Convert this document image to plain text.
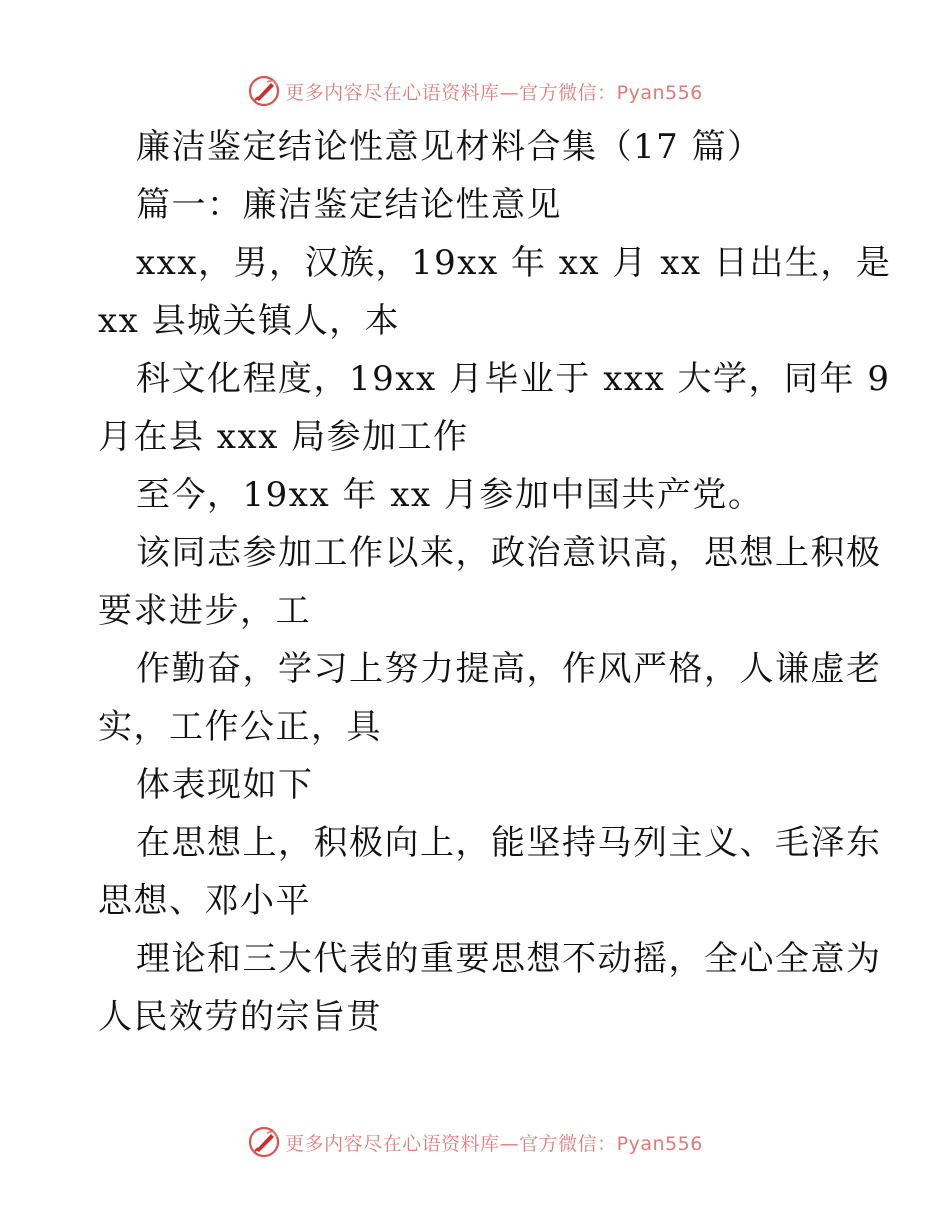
更多内容尽在心语资料库—官方微信：Pyan556
廉洁鉴定结论性意见材料合集（17 篇）
篇一：廉洁鉴定结论性意见
xxx，男，汉族，19xx 年 xx 月 xx 日出生，是
xx 县城关镇人，本
科文化程度，19xx 月毕业于 xxx 大学，同年 9
月在县 xxx 局参加工作
至今，19xx 年 xx 月参加中国共产党。
该同志参加工作以来，政治意识高，思想上积极
要求进步，工
作勤奋，学习上努力提高，作风严格，人谦虚老
实，工作公正，具
体表现如下
在思想上，积极向上，能坚持马列主义、毛泽东
思想、邓小平
理论和三大代表的重要思想不动摇，全心全意为
人民效劳的宗旨贯
更多内容尽在心语资料库—官方微信：Pyan556
